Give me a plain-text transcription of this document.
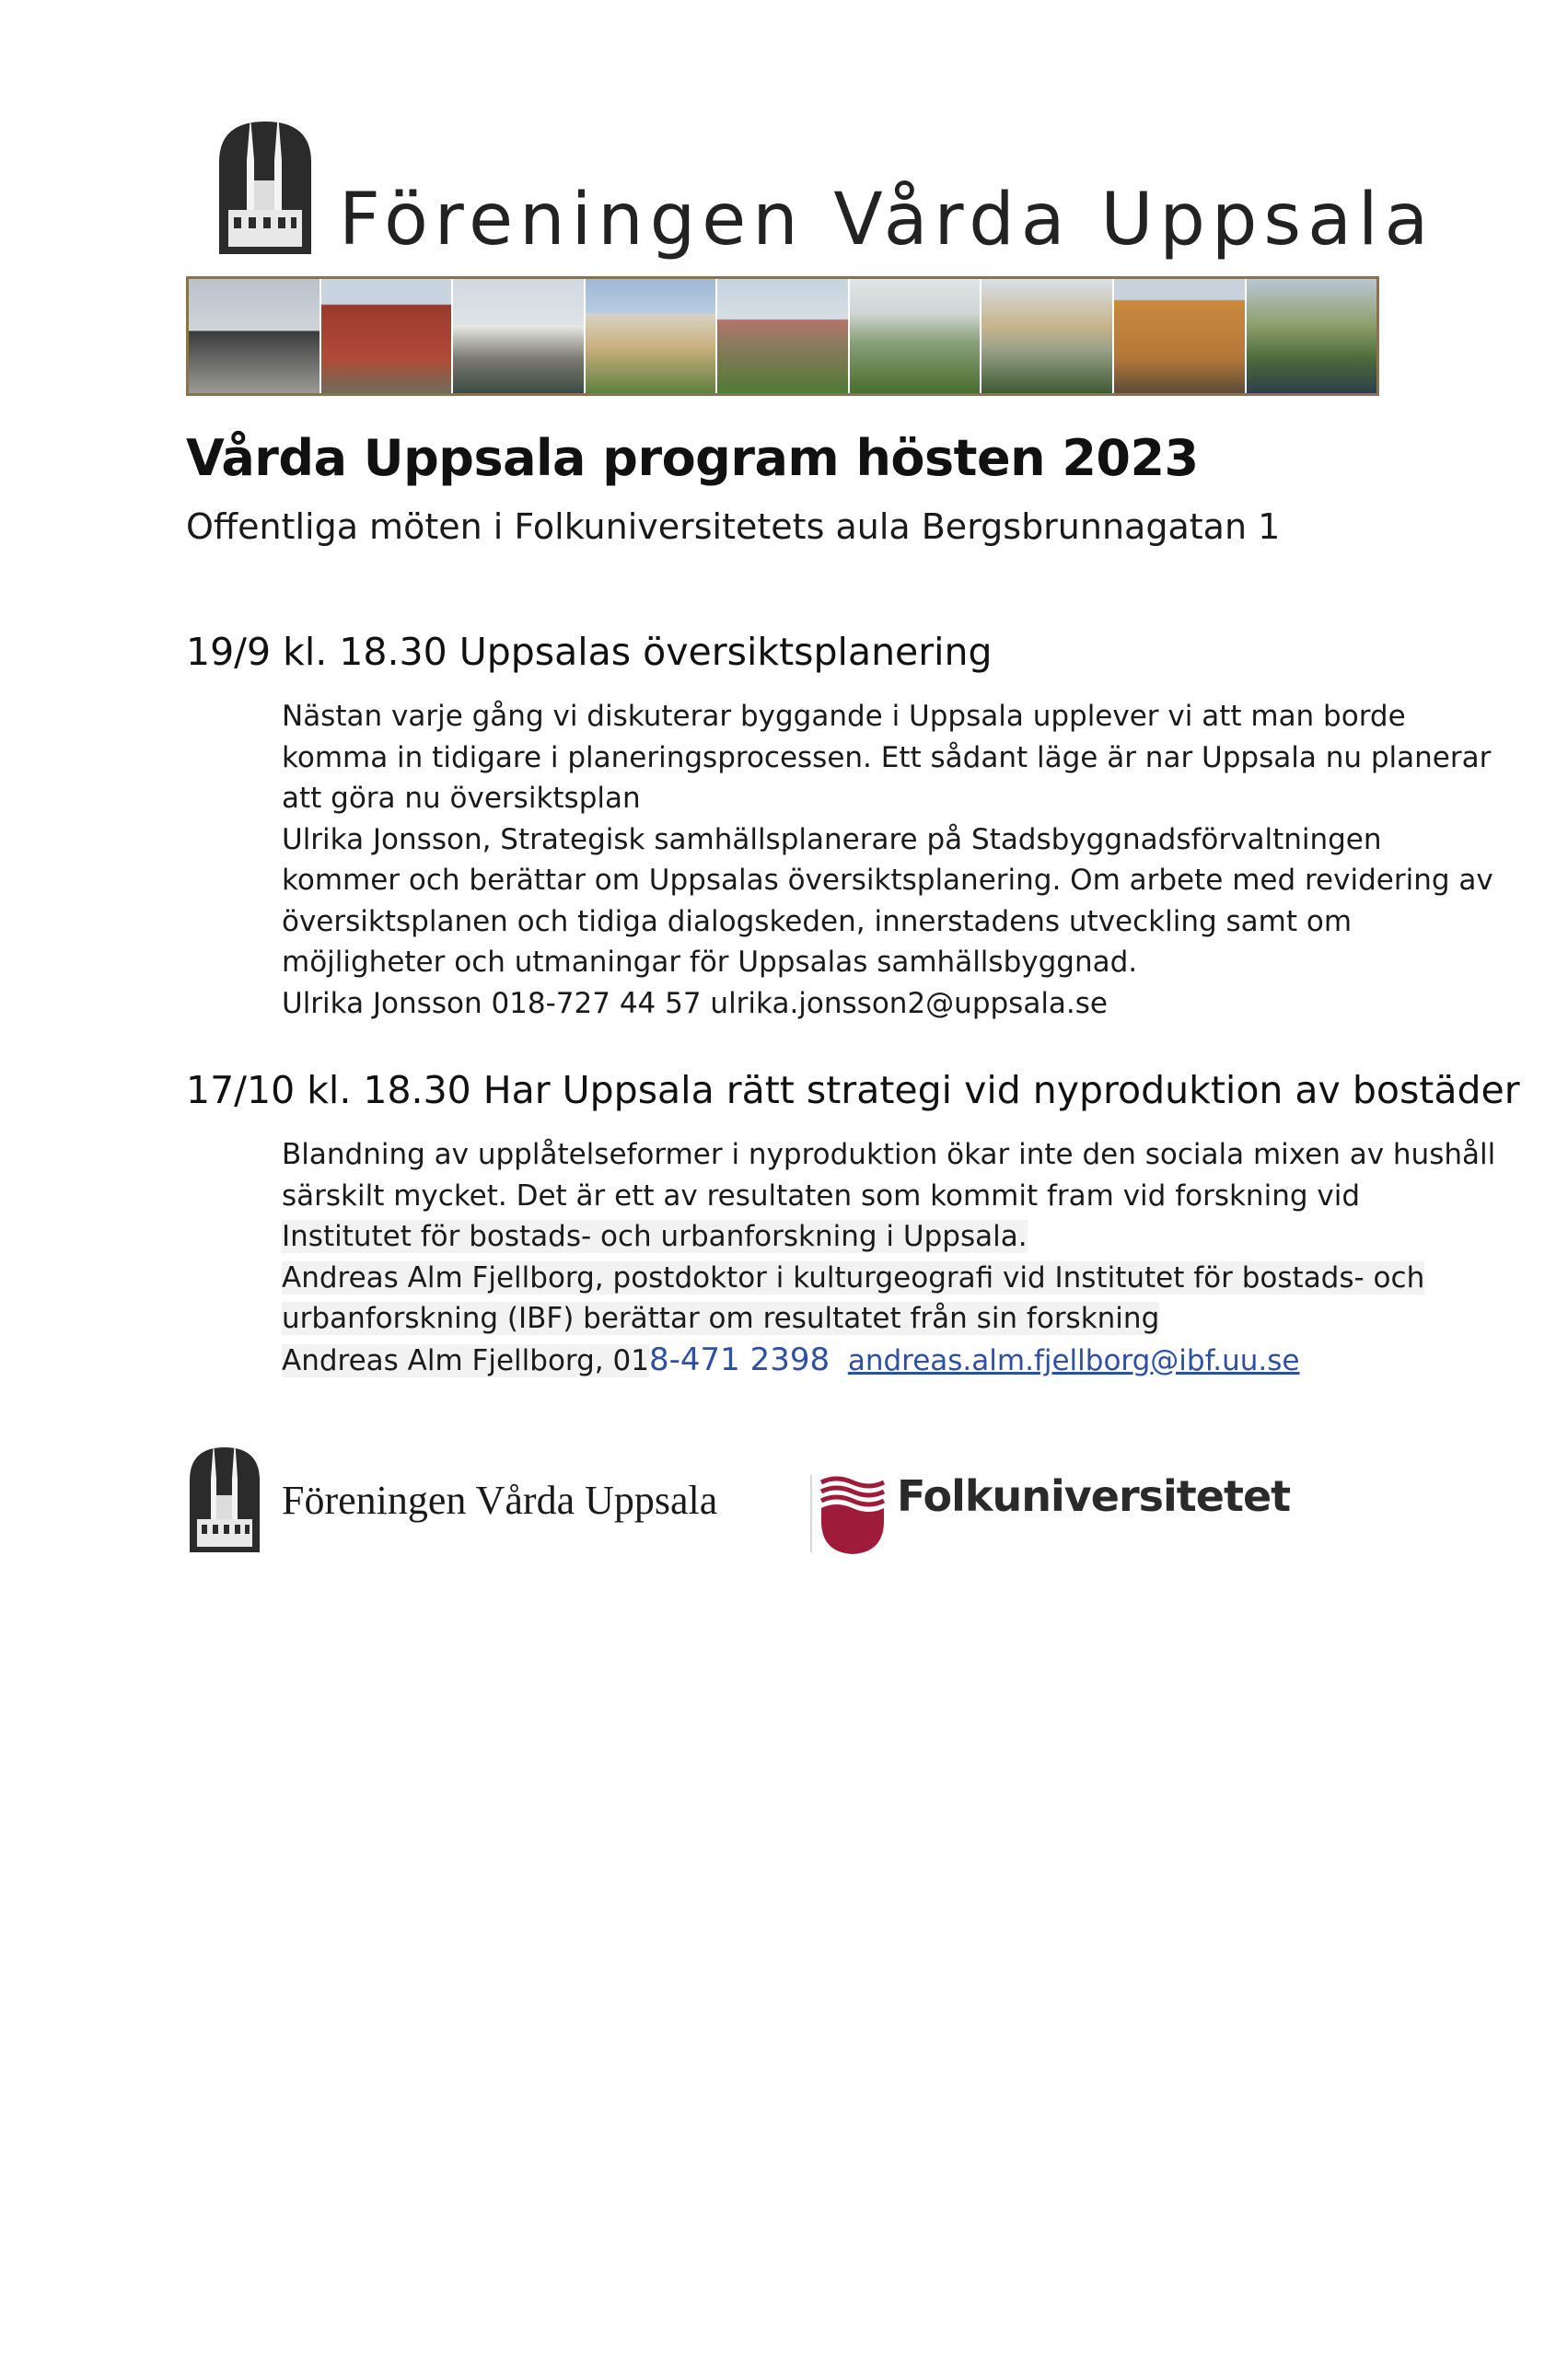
Föreningen Vårda Uppsala
Vårda Uppsala program hösten 2023
Offentliga möten i Folkuniversitetets aula Bergsbrunnagatan 1
19/9 kl. 18.30 Uppsalas översiktsplanering

Nästan varje gång vi diskuterar byggande i Uppsala upplever vi att man borde komma in tidigare i planeringsprocessen. Ett sådant läge är nar Uppsala nu planerar att göra nu översiktsplan

Ulrika Jonsson, Strategisk samhällsplanerare på Stadsbyggnadsförvaltningen kommer och berättar om Uppsalas översiktsplanering. Om arbete med revidering av översiktsplanen och tidiga dialogskeden, innerstadens utveckling samt om möjligheter och utmaningar för Uppsalas samhällsbyggnad.

Ulrika Jonsson 018-727 44 57 ulrika.jonsson2@uppsala.se

17/10 kl. 18.30 Har Uppsala rätt strategi vid nyproduktion av bostäder

Blandning av upplåtelseformer i nyproduktion ökar inte den sociala mixen av hushåll särskilt mycket. Det är ett av resultaten som kommit fram vid forskning vid Institutet för bostads- och urbanforskning i Uppsala.

Andreas Alm Fjellborg, postdoktor i kulturgeografi vid Institutet för bostads- och urbanforskning (IBF) berättar om resultatet från sin forskning

Andreas Alm Fjellborg, 018-471 2398 andreas.alm.fjellborg@ibf.uu.se

Föreningen Vårda Uppsala	Folkuniversitetet
